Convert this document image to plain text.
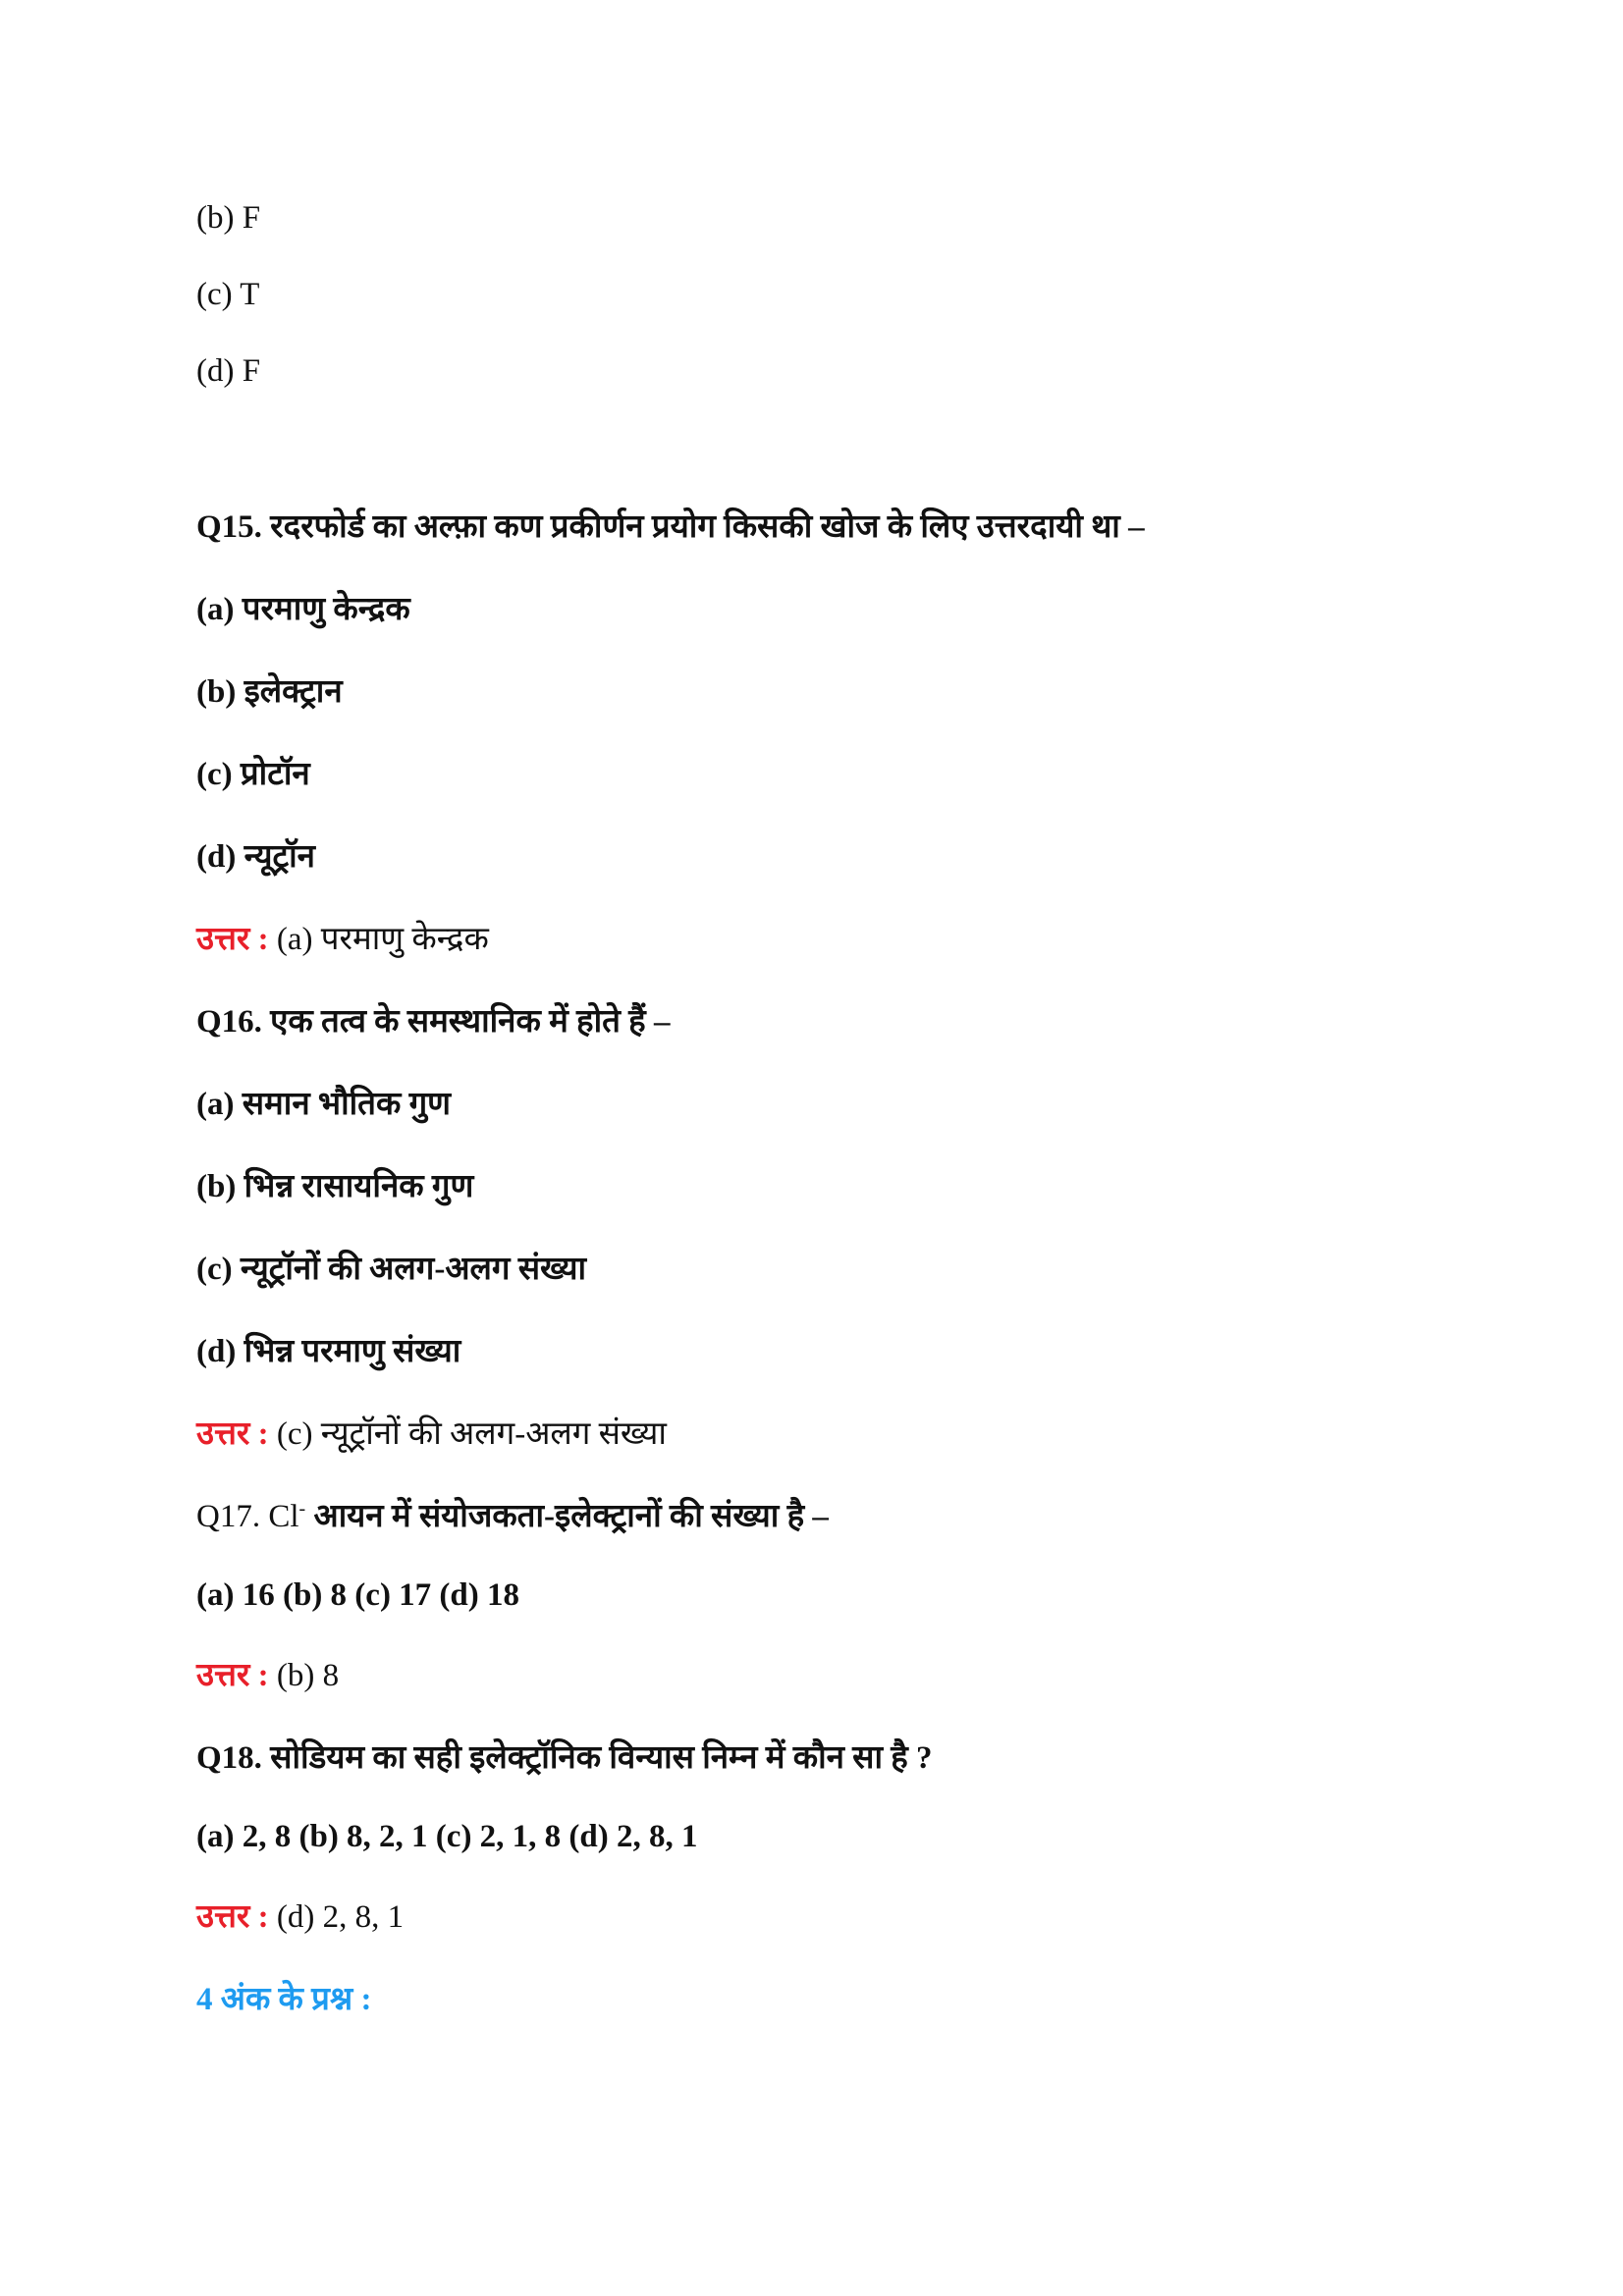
(b) F
(c) T
(d) F
Q15. रदरफोर्ड का अल्फ़ा कण प्रकीर्णन प्रयोग किसकी खोज के लिए उत्तरदायी था –
(a) परमाणु केन्द्रक
(b) इलेक्ट्रान
(c) प्रोटॉन
(d) न्यूट्रॉन
उत्तर : (a) परमाणु केन्द्रक
Q16. एक तत्व के समस्थानिक में होते हैं –
(a) समान भौतिक गुण
(b) भिन्न रासायनिक गुण
(c) न्यूट्रॉनों की अलग-अलग संख्या
(d) भिन्न परमाणु संख्या
उत्तर : (c) न्यूट्रॉनों की अलग-अलग संख्या
Q17. Cl- आयन में संयोजकता-इलेक्ट्रानों की संख्या है –
(a) 16 (b) 8 (c) 17 (d) 18
उत्तर : (b) 8
Q18. सोडियम का सही इलेक्ट्रॉनिक विन्यास निम्न में कौन सा है ?
(a) 2, 8 (b) 8, 2, 1 (c) 2, 1, 8 (d) 2, 8, 1
उत्तर : (d) 2, 8, 1
4 अंक के प्रश्न :
